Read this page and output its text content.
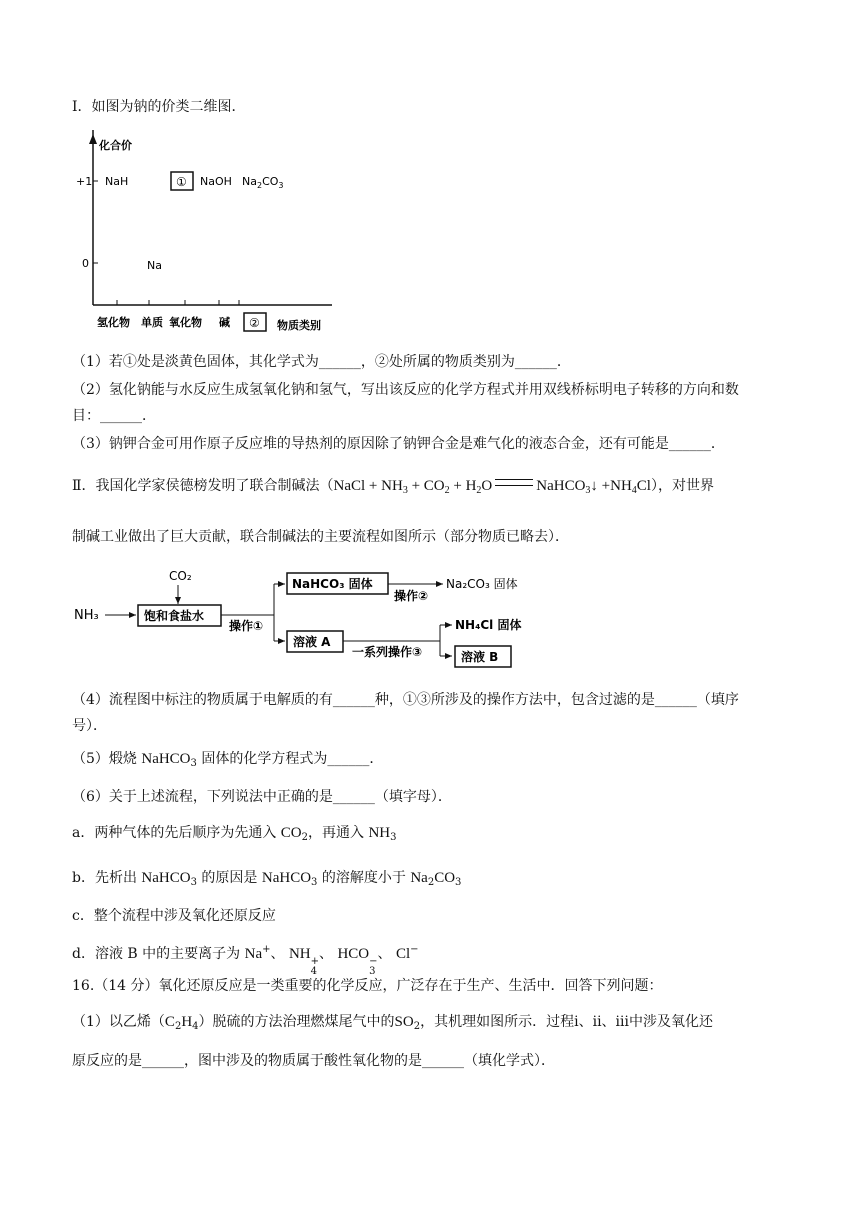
Ⅰ．如图为钠的价类二维图．
化合价
+1
0
NaH	① NaOH $Na_2CO_3$
Na
氢化物 单质 氧化物 碱 ② 物质类别
（1）若①处是淡黄色固体，其化学式为______，②处所属的物质类别为______．
（2）氢化钠能与水反应生成氢氧化钠和氢气，写出该反应的化学方程式并用双线桥标明电子转移的方向和数
目：______．
（3）钠钾合金可用作原子反应堆的导热剂的原因除了钠钾合金是难气化的液态合金，还有可能是______．
Ⅱ．我国化学家侯德榜发明了联合制碱法（NaCl + $NH_3 + CO_2 + H_2O$	NaHCO$_3$↓ $+NH_4Cl$），对世界
制碱工业做出了巨大贡献，联合制碱法的主要流程如图所示（部分物质已略去）．
CO₂
NH₃	饱和食盐水
操作①
NaHCO₃ 固体
操作②
Na₂CO₃ 固体
溶液 A
一系列操作③
NH₄Cl 固体
溶液 B
（4）流程图中标注的物质属于电解质的有______种，①③所涉及的操作方法中，包含过滤的是______（填序
号）．
（5）煅烧 NaHCO$_3$ 固体的化学方程式为______．
（6）关于上述流程，下列说法中正确的是______（填字母）．
a．两种气体的先后顺序为先通入 $CO_2$，再通入 $NH_3$
b．先析出 NaHCO$_3$ 的原因是 NaHCO$_3$ 的溶解度小于 $Na_2CO_3$
c．整个流程中涉及氧化还原反应
d．溶液 B 中的主要离子为 Na+、 NH +
4
、 HCO −
3
、 Cl−
16.（14 分）氧化还原反应是一类重要的化学反应，广泛存在于生产、生活中．回答下列问题：
（1）以乙烯$(C_2H_4)$脱硫的方法治理燃煤尾气中的$SO_2$，其机理如图所示．过程ⅰ、ⅱ、ⅲ中涉及氧化还
原反应的是______，图中涉及的物质属于酸性氧化物的是______（填化学式）．
